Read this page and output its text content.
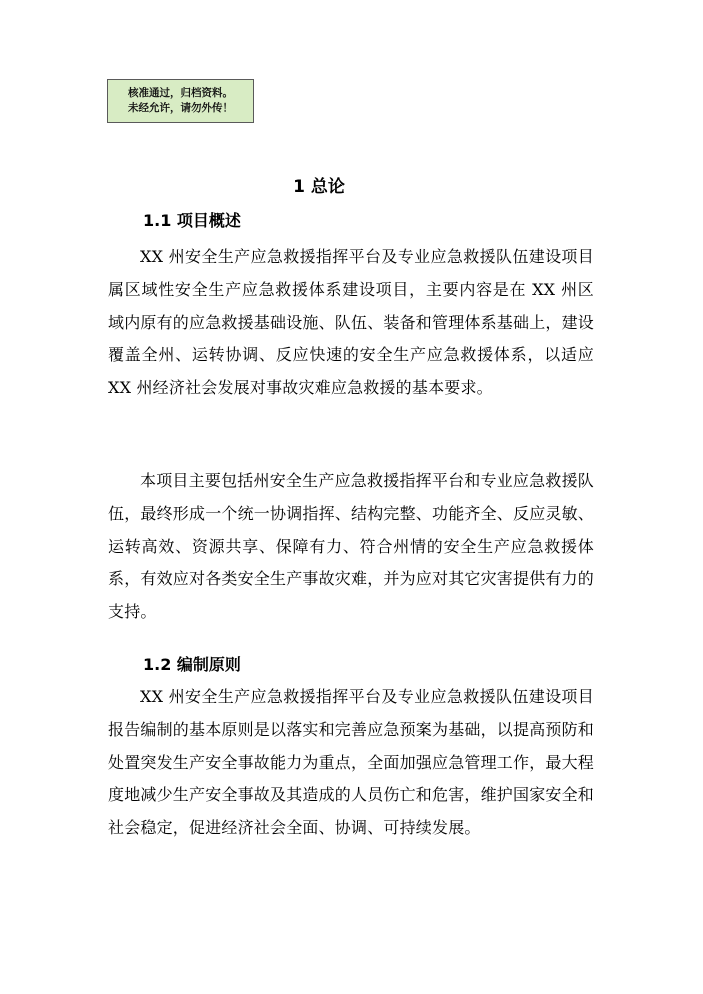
核准通过，归档资料。
未经允许，请勿外传！
1 总论
1.1 项目概述

XX 州安全生产应急救援指挥平台及专业应急救援队伍建设项目属区域性安全生产应急救援体系建设项目，主要内容是在 XX 州区域内原有的应急救援基础设施、队伍、装备和管理体系基础上，建设覆盖全州、运转协调、反应快速的安全生产应急救援体系，以适应 XX 州经济社会发展对事故灾难应急救援的基本要求。

本项目主要包括州安全生产应急救援指挥平台和专业应急救援队伍，最终形成一个统一协调指挥、结构完整、功能齐全、反应灵敏、运转高效、资源共享、保障有力、符合州情的安全生产应急救援体系，有效应对各类安全生产事故灾难，并为应对其它灾害提供有力的支持。

1.2 编制原则

XX 州安全生产应急救援指挥平台及专业应急救援队伍建设项目报告编制的基本原则是以落实和完善应急预案为基础，以提高预防和处置突发生产安全事故能力为重点，全面加强应急管理工作，最大程度地减少生产安全事故及其造成的人员伤亡和危害，维护国家安全和社会稳定，促进经济社会全面、协调、可持续发展。
